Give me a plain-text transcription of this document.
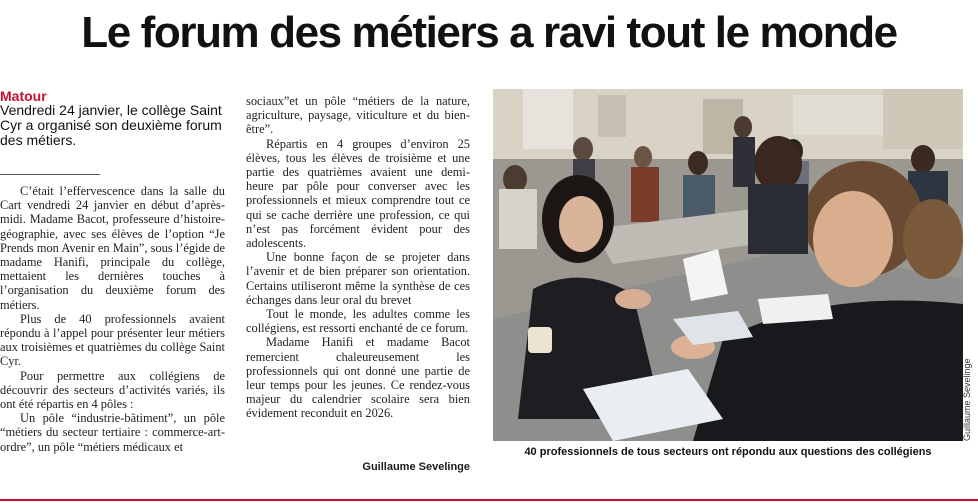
Le forum des métiers a ravi tout le monde
Matour
Vendredi 24 janvier, le collège Saint Cyr a organisé son deuxième forum des métiers.

C’était l’effervescence dans la salle du Cart vendredi 24 janvier en début d’après-midi. Madame Bacot, professeure d’histoire-géographie, avec ses élèves de l’option “Je Prends mon Avenir en Main”, sous l’égide de madame Hanifi, principale du collège, mettaient les dernières touches à l’organisation du deuxième forum des métiers.

Plus de 40 professionnels avaient répondu à l’appel pour présenter leur métiers aux troisièmes et quatrièmes du collège Saint Cyr.

Pour permettre aux collégiens de découvrir des secteurs d’activités variés, ils ont été répartis en 4 pôles :

Un pôle “industrie-bâtiment”, un pôle “métiers du secteur tertiaire : commerce-art-ordre”, un pôle “métiers médicaux et

sociaux”et un pôle “métiers de la nature, agriculture, paysage, viticulture et du bien-être”.

Répartis en 4 groupes d’environ 25 élèves, tous les élèves de troisième et une partie des quatrièmes avaient une demi-heure par pôle pour converser avec les professionnels et mieux comprendre tout ce qui se cache derrière une profession, ce qui n’est pas forcément évident pour des adolescents.

Une bonne façon de se projeter dans l’avenir et de bien préparer son orientation. Certains utiliseront même la synthèse de ces échanges dans leur oral du brevet

Tout le monde, les adultes comme les collégiens, est ressorti enchanté de ce forum.

Madame Hanifi et madame Bacot remercient chaleureusement les professionnels qui ont donné une partie de leur temps pour les jeunes. Ce rendez-vous majeur du calendrier scolaire sera bien évidement reconduit en 2026.

Guillaume Sevelinge
Guillaume Sevelinge
40 professionnels de tous secteurs ont répondu aux questions des collégiens
